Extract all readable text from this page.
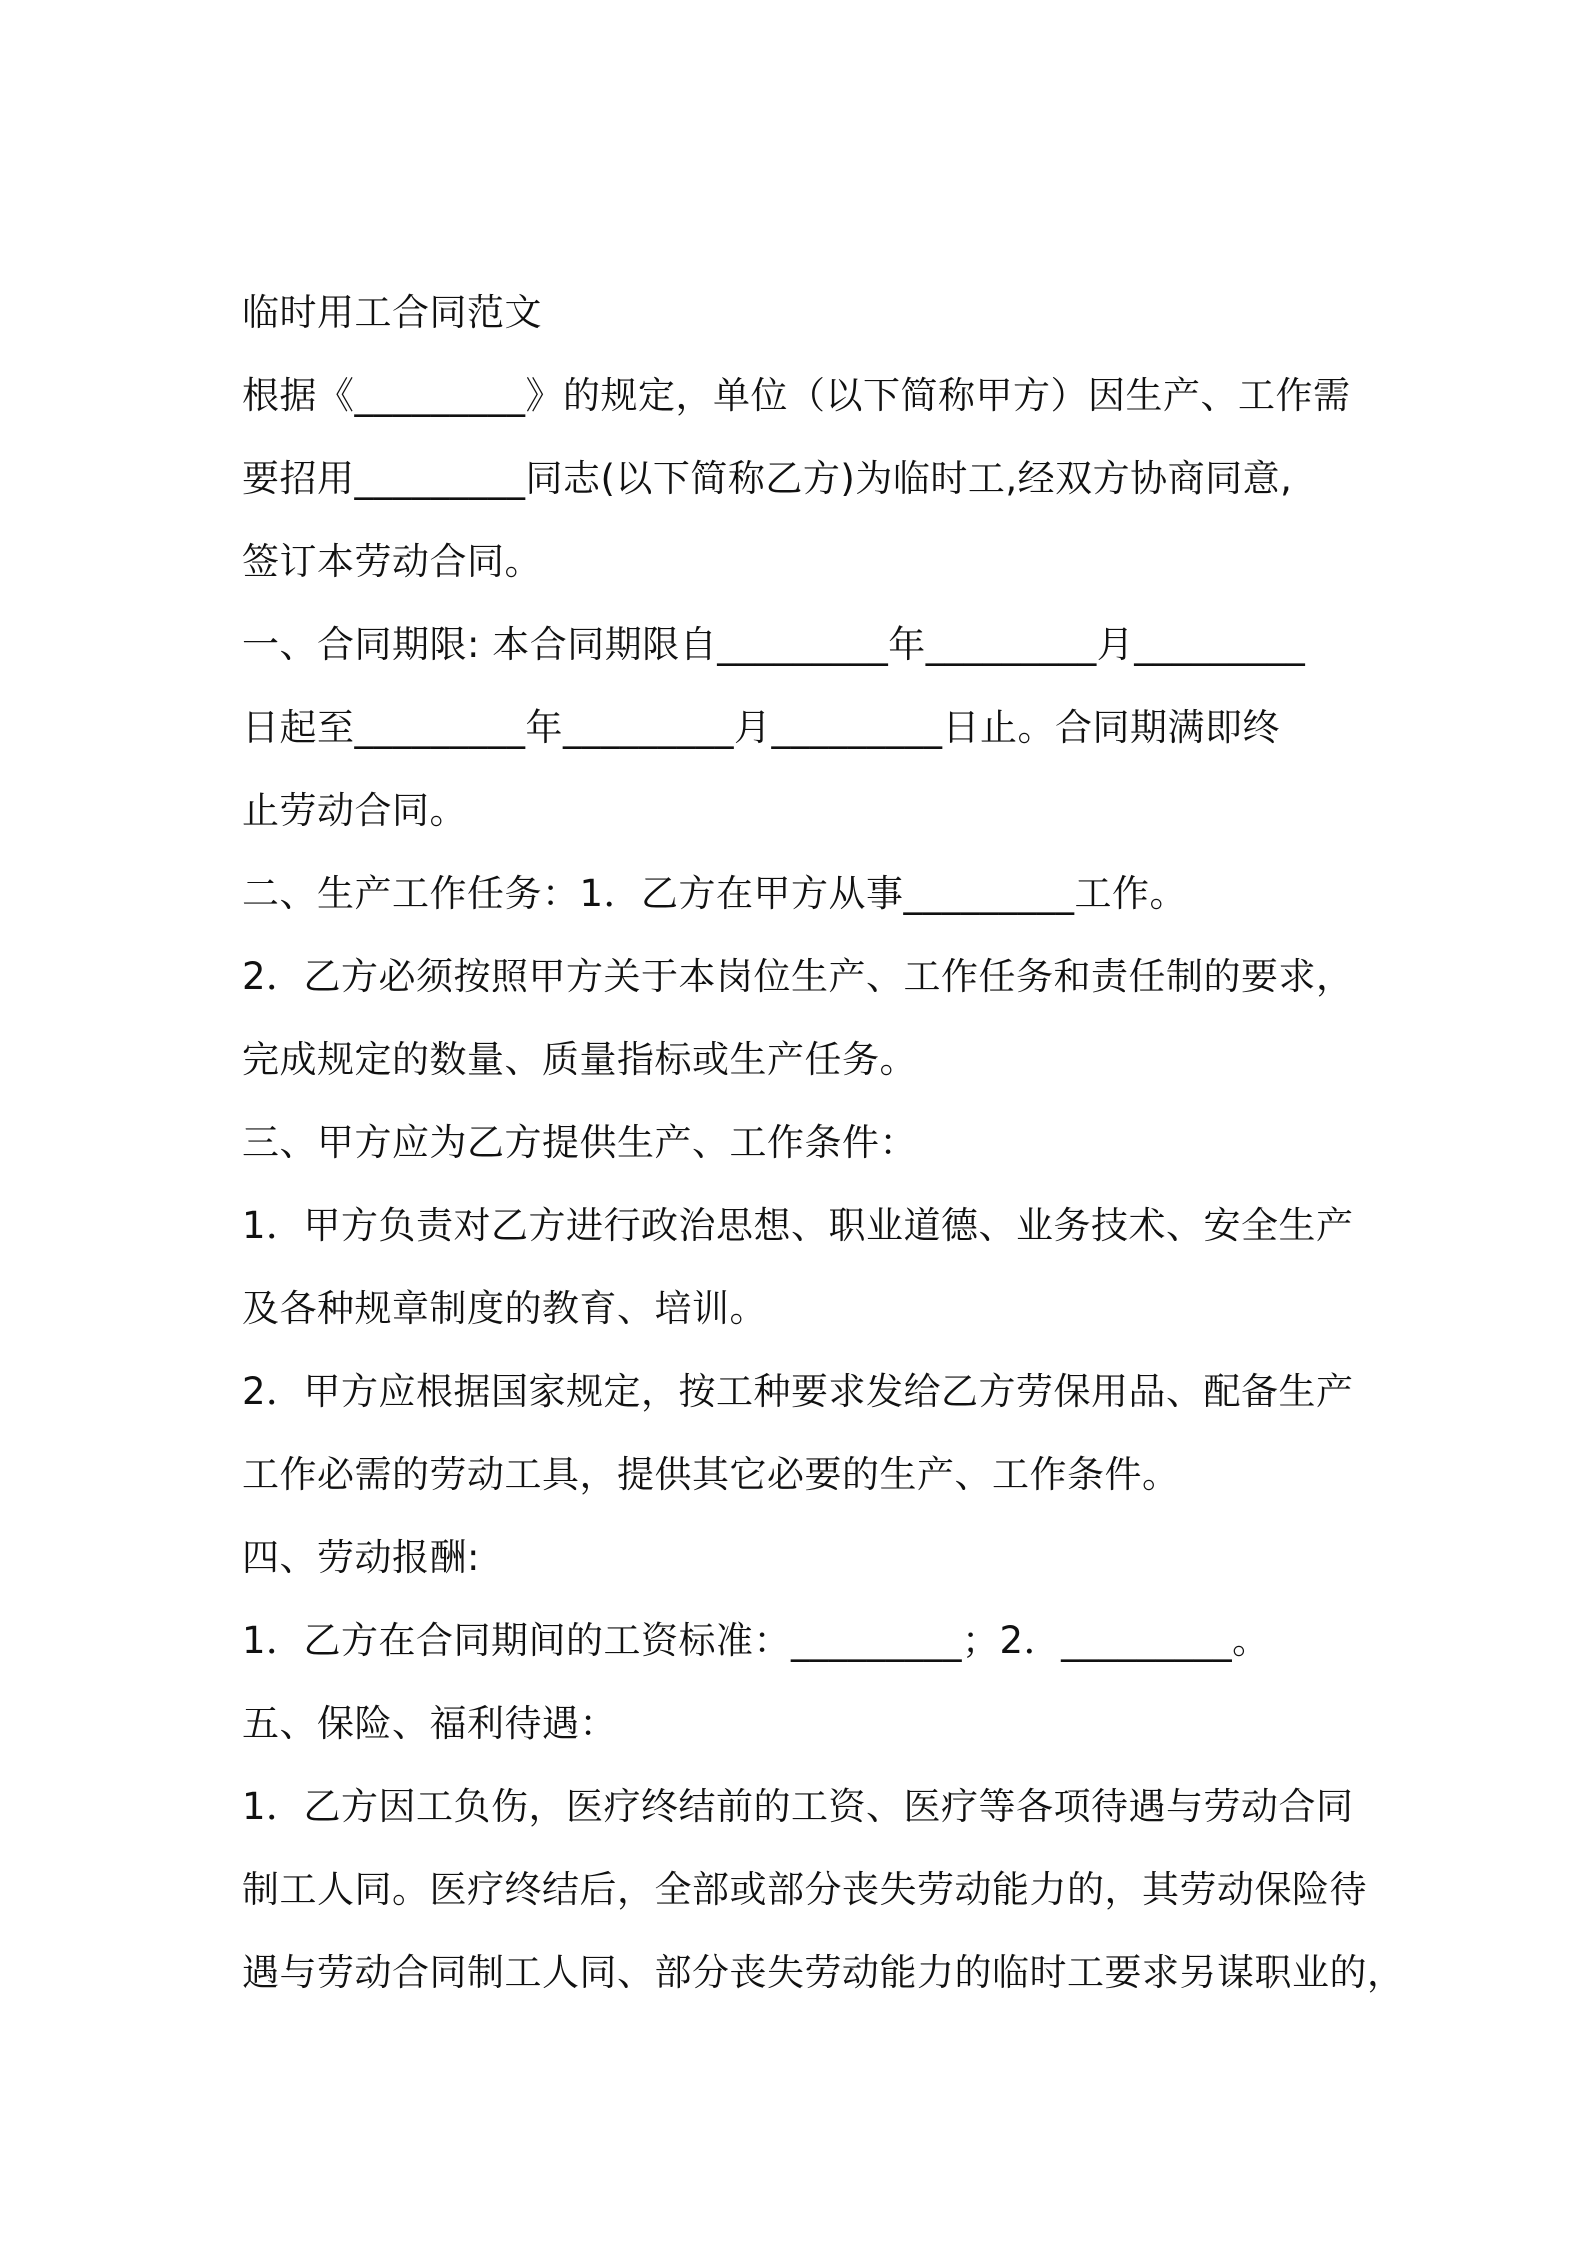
临时用工合同范文
根据《_________》的规定，单位（以下简称甲方）因生产、工作需
要招用_________同志(以下简称乙方)为临时工,经双方协商同意,
签订本劳动合同。
一、合同期限: 本合同期限自_________年_________月_________
日起至_________年_________月_________日止。合同期满即终
止劳动合同。
二、生产工作任务：1．乙方在甲方从事_________工作。
2．乙方必须按照甲方关于本岗位生产、工作任务和责任制的要求，
完成规定的数量、质量指标或生产任务。
三、甲方应为乙方提供生产、工作条件：
1．甲方负责对乙方进行政治思想、职业道德、业务技术、安全生产
及各种规章制度的教育、培训。
2．甲方应根据国家规定，按工种要求发给乙方劳保用品、配备生产
工作必需的劳动工具，提供其它必要的生产、工作条件。
四、劳动报酬:
1．乙方在合同期间的工资标准：_________；2．_________。
五、保险、福利待遇：
1．乙方因工负伤，医疗终结前的工资、医疗等各项待遇与劳动合同
制工人同。医疗终结后，全部或部分丧失劳动能力的，其劳动保险待
遇与劳动合同制工人同、部分丧失劳动能力的临时工要求另谋职业的，
